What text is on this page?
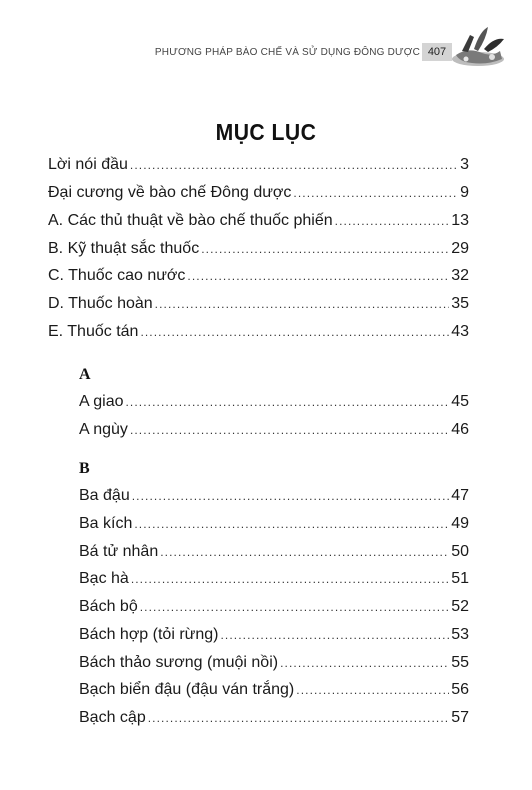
PHƯƠNG PHÁP BÀO CHẾ VÀ SỬ DỤNG ĐÔNG DƯỢC 407
MỤC LỤC
Lời nói đầu .....	3
Đại cương về bào chế Đông dược .....	9
A. Các thủ thuật về bào chế thuốc phiến .....	13
B. Kỹ thuật sắc thuốc .....	29
C. Thuốc cao nước .....	32
D. Thuốc hoàn .....	35
E. Thuốc tán .....	43
A
A giao .....	45
A ngùy .....	46
B
Ba đậu .....	47
Ba kích .....	49
Bá tử nhân .....	50
Bạc hà .....	51
Bách bộ .....	52
Bách hợp (tỏi rừng) .....	53
Bách thảo sương (muội nồi) .....	55
Bạch biển đậu (đậu ván trắng) .....	56
Bạch cập .....	57
